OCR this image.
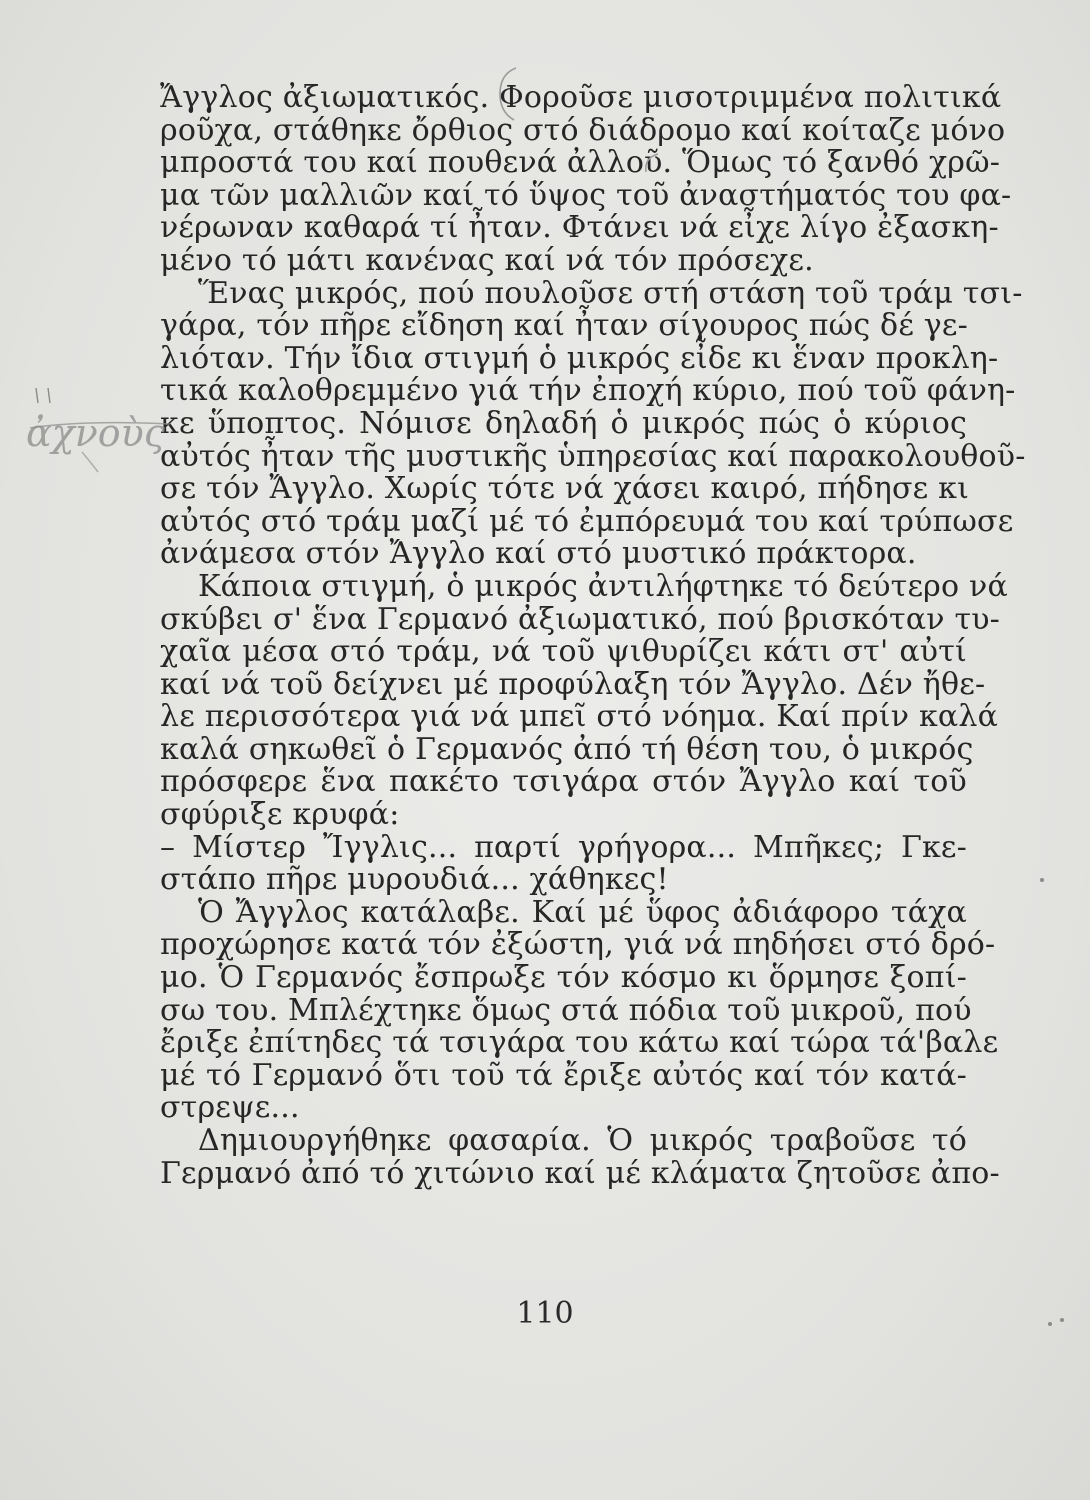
Ἄγγλος ἀξιωματικός. Φοροῦσε μισοτριμμένα πολιτικά
ροῦχα, στάθηκε ὄρθιος στό διάδρομο καί κοίταζε μόνο
μπροστά του καί πουθενά ἀλλοῦ. Ὅμως τό ξανθό χρῶ-
μα τῶν μαλλιῶν καί τό ὕψος τοῦ ἀναστήματός του φα-
νέρωναν καθαρά τί ἦταν. Φτάνει νά εἶχε λίγο ἐξασκη-
μένο τό μάτι κανένας καί νά τόν πρόσεχε.
Ἕνας μικρός, πού πουλοῦσε στή στάση τοῦ τράμ τσι-
γάρα, τόν πῆρε εἴδηση καί ἦταν σίγουρος πώς δέ γε-
λιόταν. Τήν ἴδια στιγμή ὁ μικρός εἶδε κι ἕναν προκλη-
τικά καλοθρεμμένο γιά τήν ἐποχή κύριο, πού τοῦ φάνη-
κε ὕποπτος. Νόμισε δηλαδή ὁ μικρός πώς ὁ κύριος
αὐτός ἦταν τῆς μυστικῆς ὑπηρεσίας καί παρακολουθοῦ-
σε τόν Ἄγγλο. Χωρίς τότε νά χάσει καιρό, πήδησε κι
αὐτός στό τράμ μαζί μέ τό ἐμπόρευμά του καί τρύπωσε
ἀνάμεσα στόν Ἄγγλο καί στό μυστικό πράκτορα.
Κάποια στιγμή, ὁ μικρός ἀντιλήφτηκε τό δεύτερο νά
σκύβει σ' ἕνα Γερμανό ἀξιωματικό, πού βρισκόταν τυ-
χαῖα μέσα στό τράμ, νά τοῦ ψιθυρίζει κάτι στ' αὐτί
καί νά τοῦ δείχνει μέ προφύλαξη τόν Ἄγγλο. Δέν ἤθε-
λε περισσότερα γιά νά μπεῖ στό νόημα. Καί πρίν καλά
καλά σηκωθεῖ ὁ Γερμανός ἀπό τή θέση του, ὁ μικρός
πρόσφερε ἕνα πακέτο τσιγάρα στόν Ἄγγλο καί τοῦ
σφύριξε κρυφά:
– Μίστερ Ἴγγλις... παρτί γρήγορα... Μπῆκες; Γκε-
στάπο πῆρε μυρουδιά... χάθηκες!
Ὁ Ἄγγλος κατάλαβε. Καί μέ ὕφος ἀδιάφορο τάχα
προχώρησε κατά τόν ἐξώστη, γιά νά πηδήσει στό δρό-
μο. Ὁ Γερμανός ἔσπρωξε τόν κόσμο κι ὅρμησε ξοπί-
σω του. Μπλέχτηκε ὅμως στά πόδια τοῦ μικροῦ, πού
ἔριξε ἐπίτηδες τά τσιγάρα του κάτω καί τώρα τά'βαλε
μέ τό Γερμανό ὅτι τοῦ τά ἔριξε αὐτός καί τόν κατά-
στρεψε...
Δημιουργήθηκε φασαρία. Ὁ μικρός τραβοῦσε τό
Γερμανό ἀπό τό χιτώνιο καί μέ κλάματα ζητοῦσε ἀπο-
ἀχνοὺς
110
